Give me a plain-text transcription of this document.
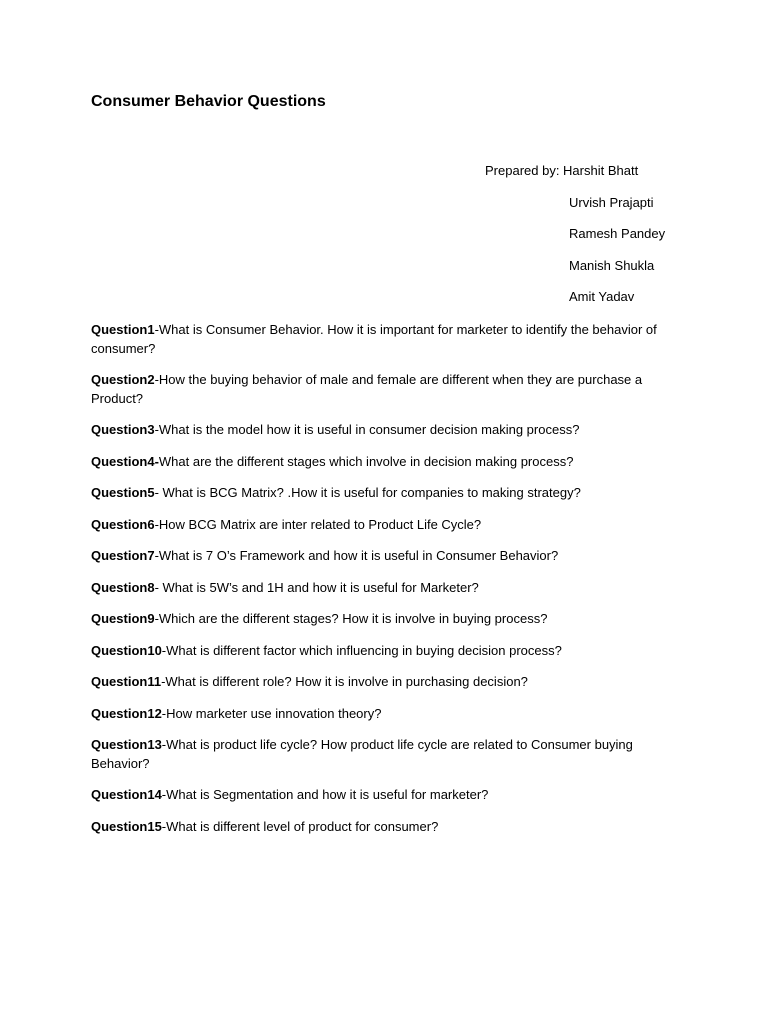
Consumer Behavior Questions
Prepared by: Harshit Bhatt
Urvish Prajapti
Ramesh Pandey
Manish Shukla
Amit Yadav

Question1-What is Consumer Behavior. How it is important for marketer to identify the behavior of consumer?

Question2-How the buying behavior of male and female are different when they are purchase a Product?

Question3-What is the model how it is useful in consumer decision making process?

Question4-What are the different stages which involve in decision making process?

Question5- What is BCG Matrix? .How it is useful for companies to making strategy?

Question6-How BCG Matrix are inter related to Product Life Cycle?

Question7-What is 7 O’s Framework and how it is useful in Consumer Behavior?

Question8- What is 5W’s and 1H and how it is useful for Marketer?

Question9-Which are the different stages? How it is involve in buying process?

Question10-What is different factor which influencing in buying decision process?

Question11-What is different role? How it is involve in purchasing decision?

Question12-How marketer use innovation theory?

Question13-What is product life cycle? How product life cycle are related to Consumer buying Behavior?

Question14-What is Segmentation and how it is useful for marketer?

Question15-What is different level of product for consumer?
